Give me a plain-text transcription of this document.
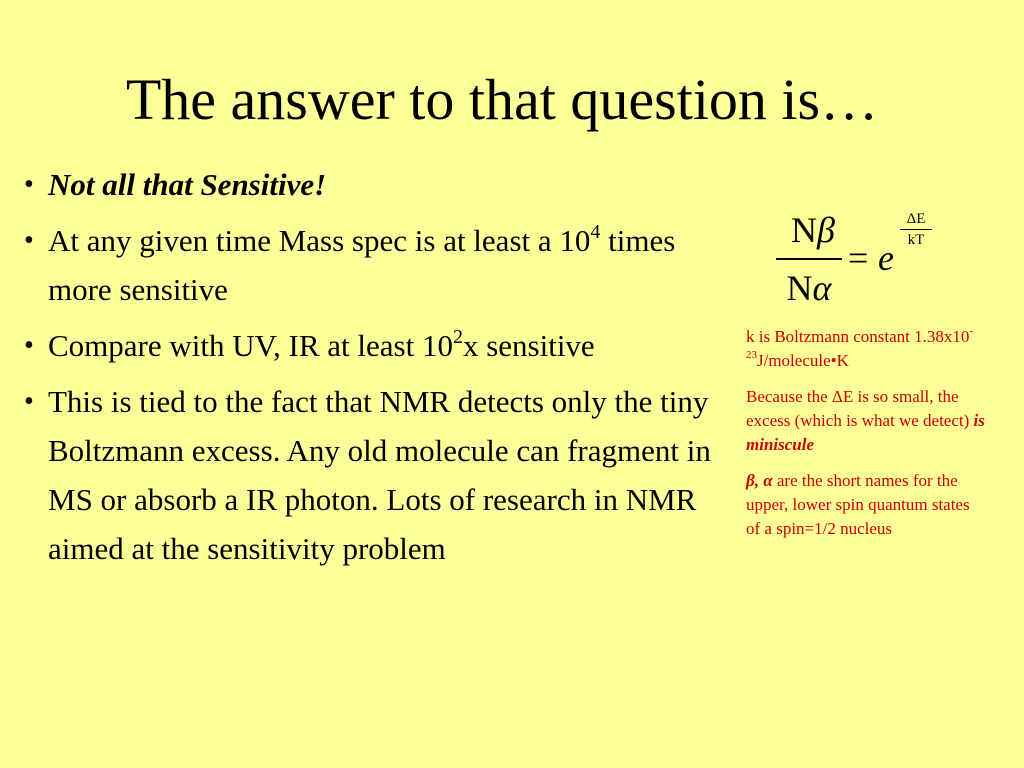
The answer to that question is…
• Not all that Sensitive!
• At any given time Mass spec is at least a $10^4$ times more sensitive
• Compare with UV, IR at least $10^2x$ sensitive
• This is tied to the fact that NMR detects only the tiny Boltzmann excess. Any old molecule can fragment in MS or absorb a IR photon. Lots of research in NMR aimed at the sensitivity problem
Nβ
Nα
= e
ΔE
kT

k is Boltzmann constant $1.38x10^{-23}J/molecule•K$

Because the ΔE is so small, the excess (which is what we detect) is miniscule

β, α are the short names for the upper, lower spin quantum states of a spin=1/2 nucleus
